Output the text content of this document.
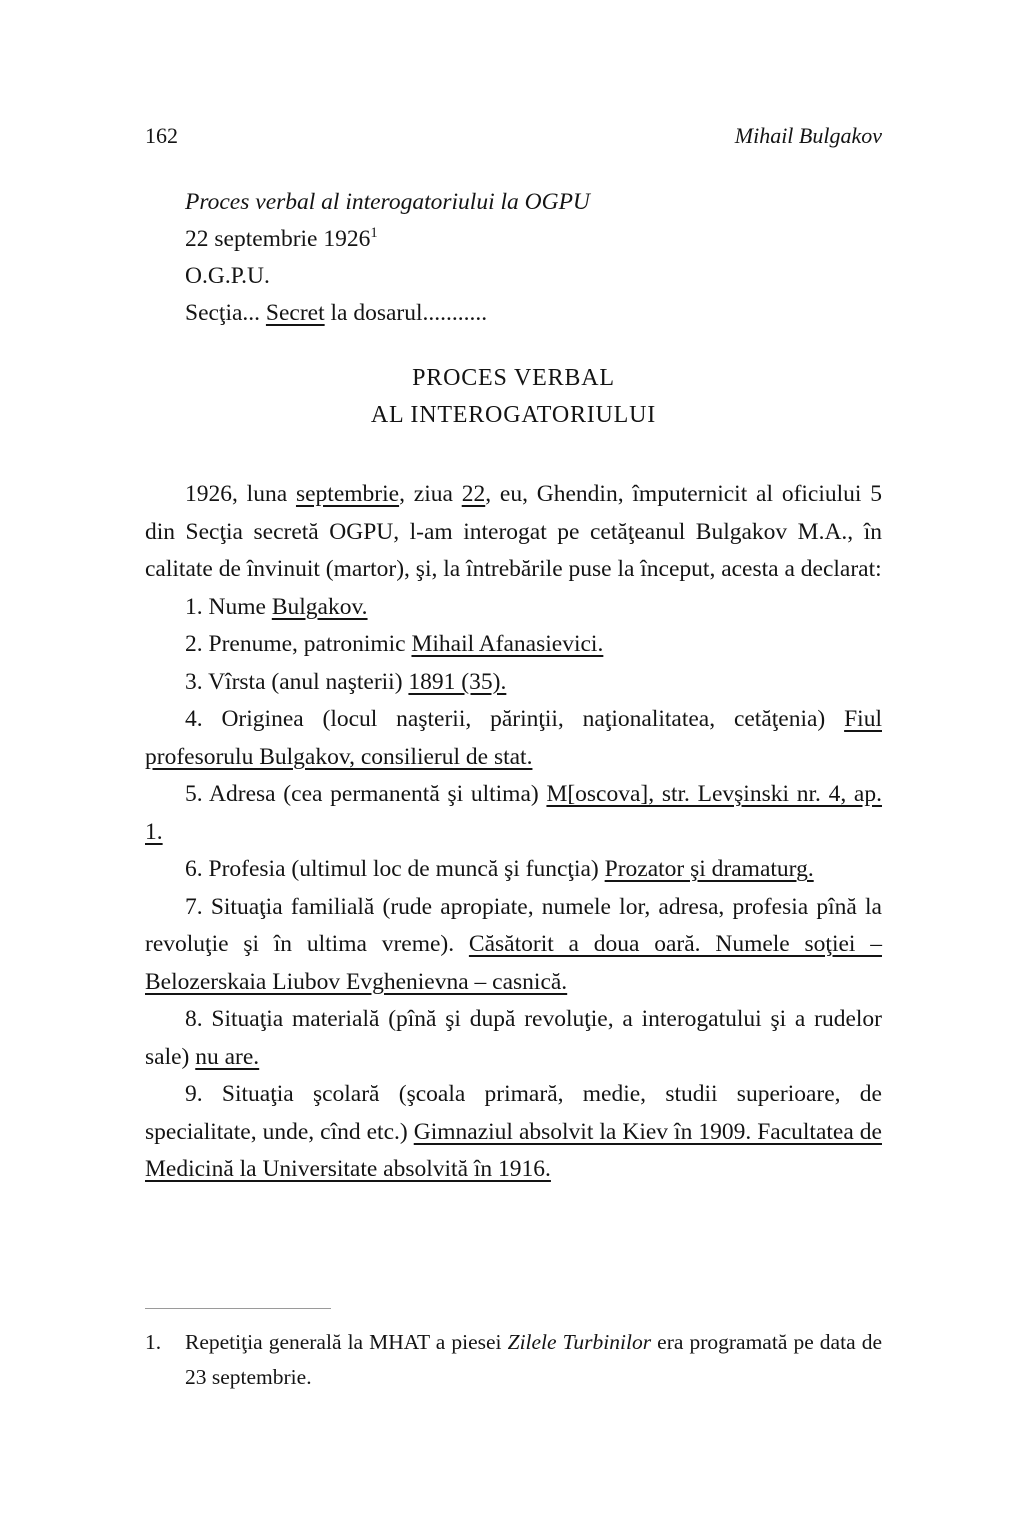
162	Mihail Bulgakov
Proces verbal al interogatoriului la OGPU
22 septembrie 1926$^1$
O.G.P.U.
Secţia... Secret la dosarul...........
PROCES VERBAL
AL INTEROGATORIULUI

1926, luna septembrie, ziua 22, eu, Ghendin, împuternicit al oficiului 5 din Secţia secretă OGPU, l-am interogat pe cetăţeanul Bulgakov M.A., în calitate de învinuit (martor), şi, la întrebările puse la început, acesta a declarat:

1. Nume Bulgakov.

2. Prenume, patronimic Mihail Afanasievici.

3. Vîrsta (anul naşterii) 1891 (35).

4. Originea (locul naşterii, părinţii, naţionalitatea, cetăţenia) Fiul profesorulu Bulgakov, consilierul de stat.

5. Adresa (cea permanentă şi ultima) M[oscova], str. Levşinski nr. 4, ap. 1.

6. Profesia (ultimul loc de muncă şi funcţia) Prozator şi dramaturg.

7. Situaţia familială (rude apropiate, numele lor, adresa, profesia pînă la revoluţie şi în ultima vreme). Căsătorit a doua oară. Numele soţiei – Belozerskaia Liubov Evghenievna – casnică.

8. Situaţia materială (pînă şi după revoluţie, a interogatului şi a rudelor sale) nu are.

9. Situaţia şcolară (şcoala primară, medie, studii superioare, de specialitate, unde, cînd etc.) Gimnaziul absolvit la Kiev în 1909. Facultatea de Medicină la Universitate absolvită în 1916.

1.	Repetiţia generală la MHAT a piesei Zilele Turbinilor era programată pe data de 23 septembrie.
